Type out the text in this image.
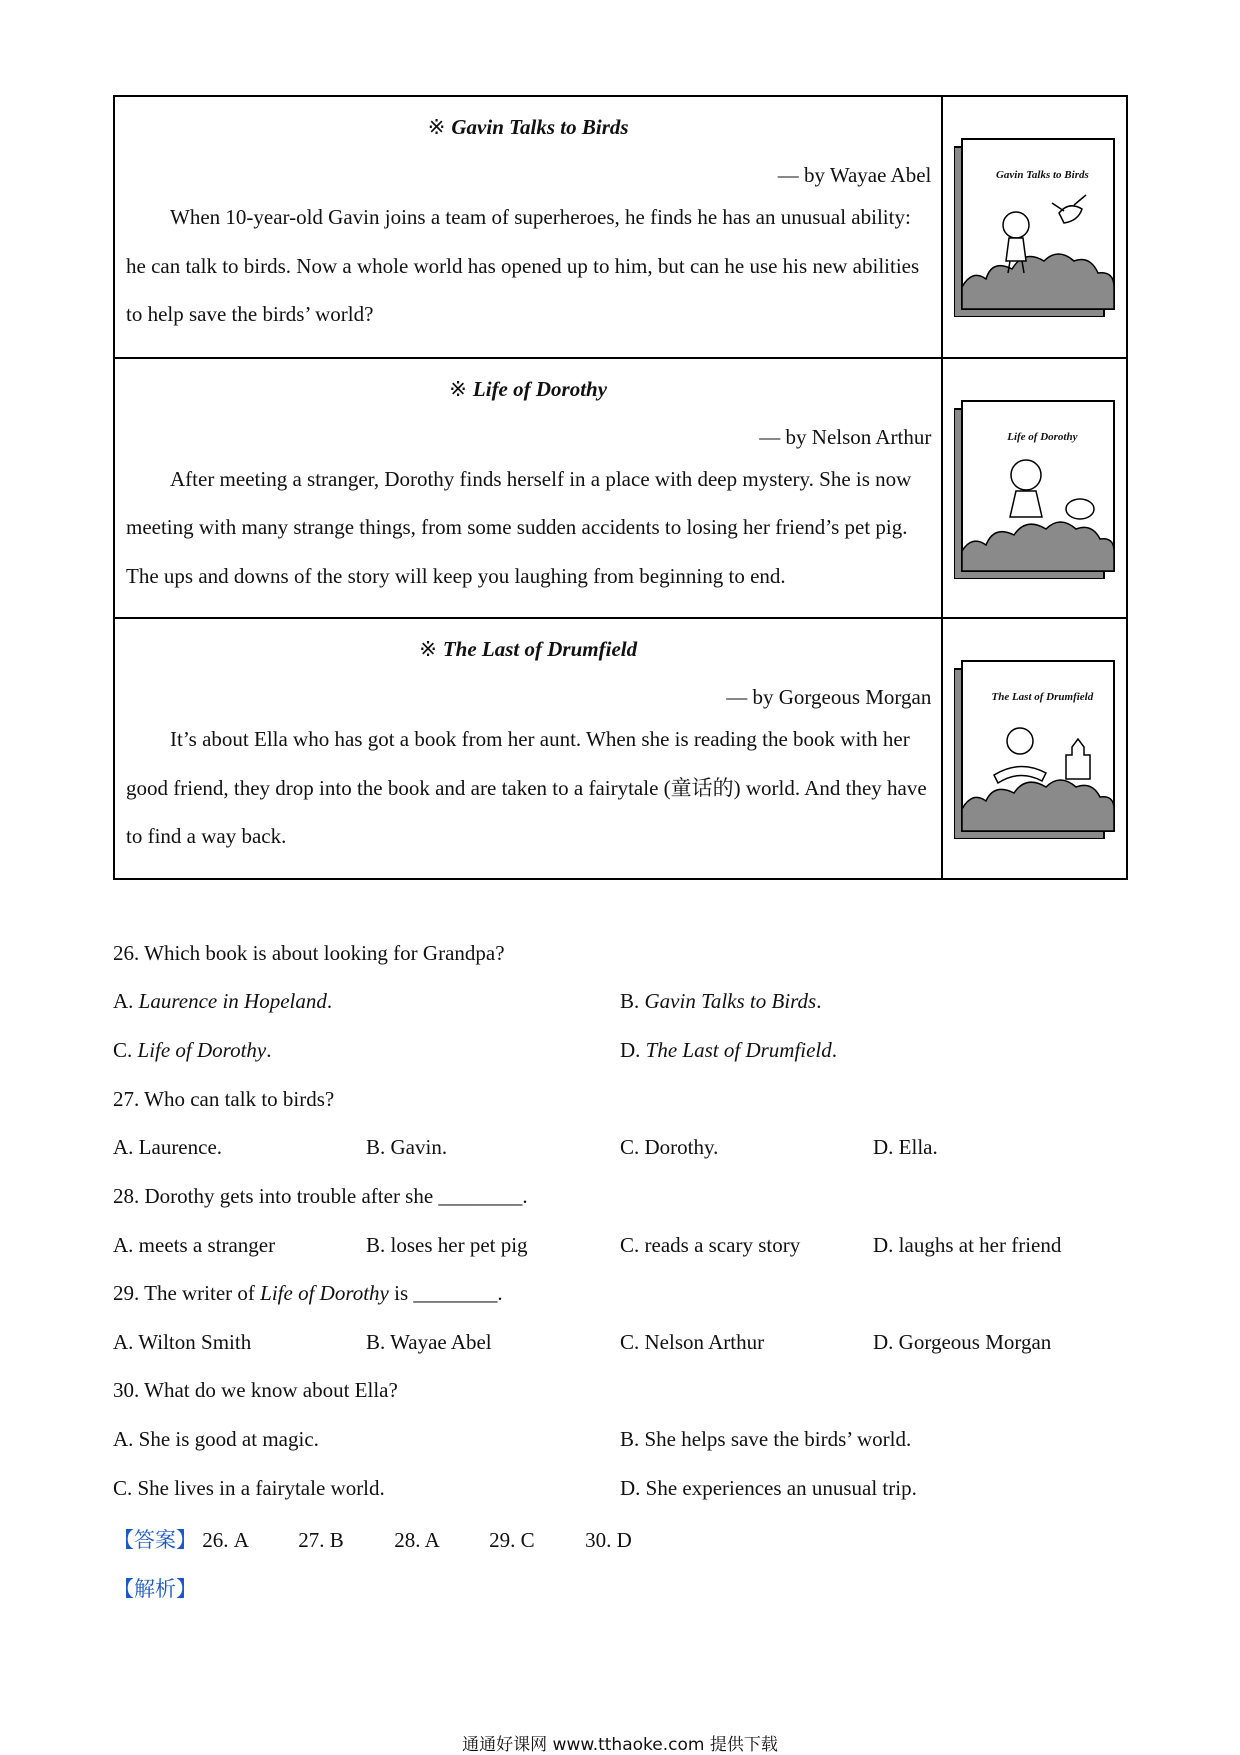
※ Gavin Talks to Birds
— by Wayae Abel
When 10-year-old Gavin joins a team of superheroes, he finds he has an unusual ability: he can talk to birds. Now a whole world has opened up to him, but can he use his new abilities to help save the birds’ world?	Gavin Talks to Birds

※ Life of Dorothy
— by Nelson Arthur
After meeting a stranger, Dorothy finds herself in a place with deep mystery. She is now meeting with many strange things, from some sudden accidents to losing her friend’s pet pig. The ups and downs of the story will keep you laughing from beginning to end.	Life of Dorothy

※ The Last of Drumfield
— by Gorgeous Morgan
It’s about Ella who has got a book from her aunt. When she is reading the book with her good friend, they drop into the book and are taken to a fairytale (童话的) world. And they have to find a way back.	The Last of Drumfield
26. Which book is about looking for Grandpa?
A. Laurence in Hopeland.	B. Gavin Talks to Birds.
C. Life of Dorothy.	D. The Last of Drumfield.
27. Who can talk to birds?
A. Laurence.	B. Gavin.	C. Dorothy.	D. Ella.
28. Dorothy gets into trouble after she ________.
A. meets a stranger	B. loses her pet pig	C. reads a scary story	D. laughs at her friend
29. The writer of Life of Dorothy is ________.
A. Wilton Smith	B. Wayae Abel	C. Nelson Arthur	D. Gorgeous Morgan
30. What do we know about Ella?
A. She is good at magic.	B. She helps save the birds’ world.
C. She lives in a fairytale world.	D. She experiences an unusual trip.
【答案】 26. A 27. B 28. A 29. C 30. D
【解析】
通通好课网 www.tthaoke.com 提供下载
